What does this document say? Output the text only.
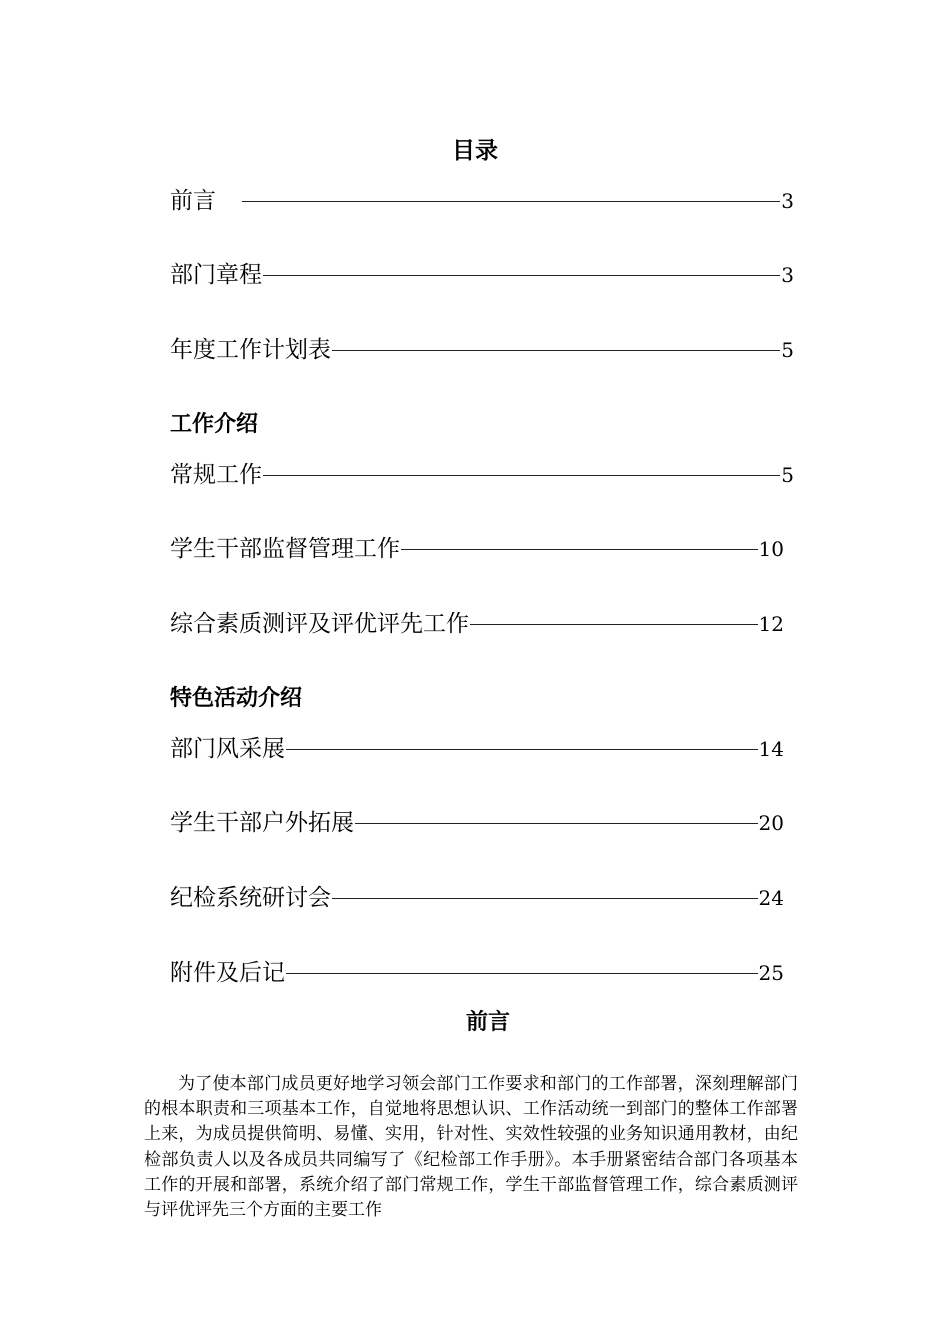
目录
前言	3
部门章程	3
年度工作计划表	5
工作介绍
常规工作	5
学生干部监督管理工作	10
综合素质测评及评优评先工作	12
特色活动介绍
部门风采展	14
学生干部户外拓展	20
纪检系统研讨会	24
附件及后记	25
前言

为了使本部门成员更好地学习领会部门工作要求和部门的工作部署，深刻理解部门的根本职责和三项基本工作，自觉地将思想认识、工作活动统一到部门的整体工作部署上来，为成员提供简明、易懂、实用，针对性、实效性较强的业务知识通用教材，由纪检部负责人以及各成员共同编写了《纪检部工作手册》。本手册紧密结合部门各项基本工作的开展和部署，系统介绍了部门常规工作，学生干部监督管理工作，综合素质测评与评优评先三个方面的主要工作
